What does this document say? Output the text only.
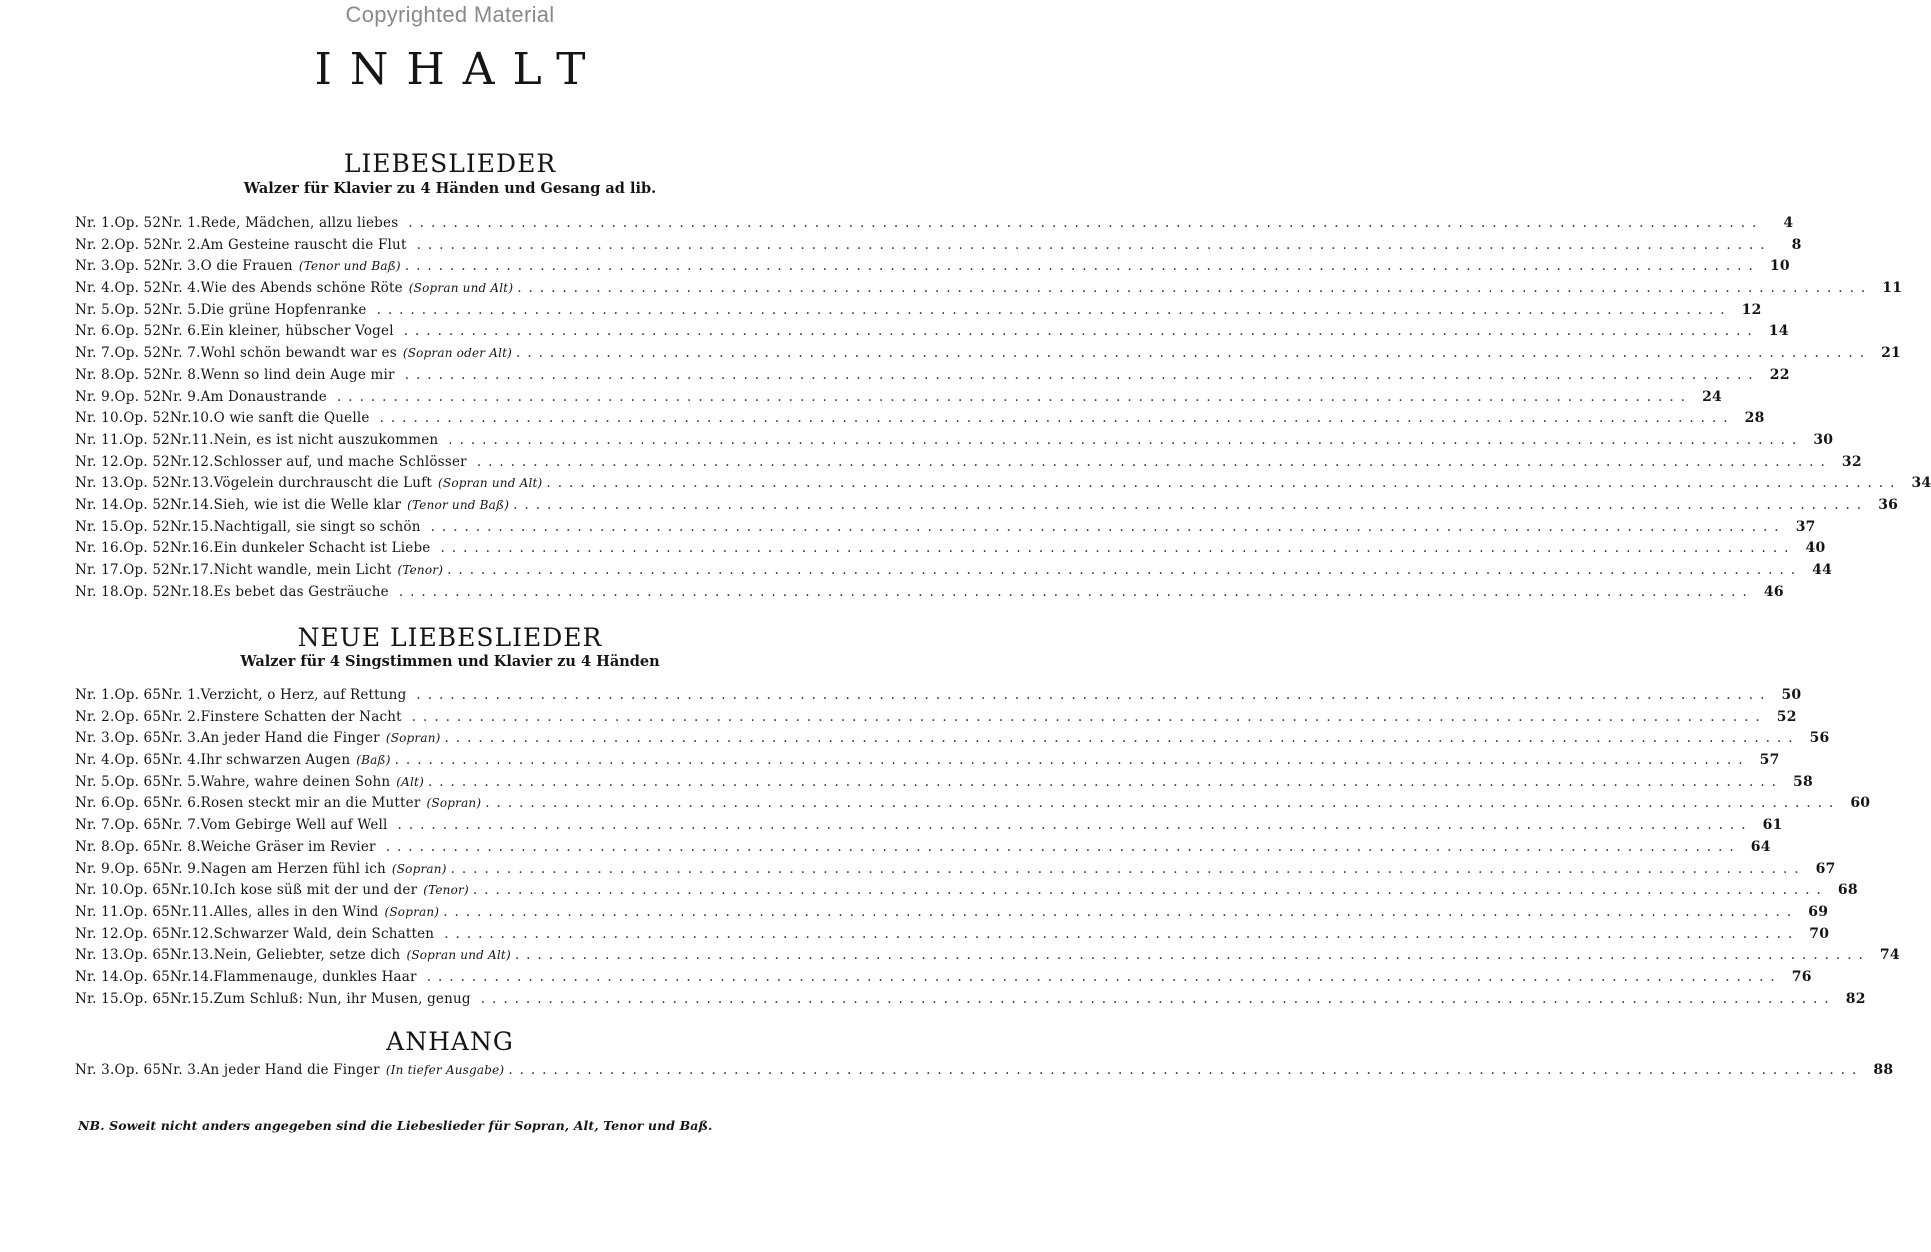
Copyrighted Material
INHALT
LIEBESLIEDER
Walzer für Klavier zu 4 Händen und Gesang ad lib.
Nr. 1. Op. 52 Nr. 1. Rede, Mädchen, allzu liebes ........................................................................................................................	4
Nr. 2. Op. 52 Nr. 2. Am Gesteine rauscht die Flut ........................................................................................................................	8
Nr. 3. Op. 52 Nr. 3. O die Frauen (Tenor und Baß) ........................................................................................................................ 10
Nr. 4. Op. 52 Nr. 4. Wie des Abends schöne Röte (Sopran und Alt) ........................................................................................................................ 11
Nr. 5. Op. 52 Nr. 5. Die grüne Hopfenranke ........................................................................................................................ 12
Nr. 6. Op. 52 Nr. 6. Ein kleiner, hübscher Vogel ........................................................................................................................ 14
Nr. 7. Op. 52 Nr. 7. Wohl schön bewandt war es (Sopran oder Alt) ........................................................................................................................ 21
Nr. 8. Op. 52 Nr. 8. Wenn so lind dein Auge mir ........................................................................................................................ 22
Nr. 9. Op. 52 Nr. 9. Am Donaustrande ........................................................................................................................ 24
Nr. 10. Op. 52 Nr.10. O wie sanft die Quelle ........................................................................................................................ 28
Nr. 11. Op. 52 Nr.11. Nein, es ist nicht auszukommen ........................................................................................................................ 30
Nr. 12. Op. 52 Nr.12. Schlosser auf, und mache Schlösser ........................................................................................................................ 32
Nr. 13. Op. 52 Nr.13. Vögelein durchrauscht die Luft (Sopran und Alt) ........................................................................................................................ 34
Nr. 14. Op. 52 Nr.14. Sieh, wie ist die Welle klar (Tenor und Baß) ........................................................................................................................ 36
Nr. 15. Op. 52 Nr.15. Nachtigall, sie singt so schön ........................................................................................................................ 37
Nr. 16. Op. 52 Nr.16. Ein dunkeler Schacht ist Liebe ........................................................................................................................ 40
Nr. 17. Op. 52 Nr.17. Nicht wandle, mein Licht (Tenor) ........................................................................................................................ 44
Nr. 18. Op. 52 Nr.18. Es bebet das Gesträuche ........................................................................................................................ 46
NEUE LIEBESLIEDER
Walzer für 4 Singstimmen und Klavier zu 4 Händen
Nr. 1. Op. 65 Nr. 1. Verzicht, o Herz, auf Rettung ........................................................................................................................ 50
Nr. 2. Op. 65 Nr. 2. Finstere Schatten der Nacht ........................................................................................................................ 52
Nr. 3. Op. 65 Nr. 3. An jeder Hand die Finger (Sopran) ........................................................................................................................ 56
Nr. 4. Op. 65 Nr. 4. Ihr schwarzen Augen (Baß) ........................................................................................................................ 57
Nr. 5. Op. 65 Nr. 5. Wahre, wahre deinen Sohn (Alt) ........................................................................................................................ 58
Nr. 6. Op. 65 Nr. 6. Rosen steckt mir an die Mutter (Sopran) ........................................................................................................................ 60
Nr. 7. Op. 65 Nr. 7. Vom Gebirge Well auf Well ........................................................................................................................ 61
Nr. 8. Op. 65 Nr. 8. Weiche Gräser im Revier ........................................................................................................................ 64
Nr. 9. Op. 65 Nr. 9. Nagen am Herzen fühl ich (Sopran) ........................................................................................................................ 67
Nr. 10. Op. 65 Nr.10. Ich kose süß mit der und der (Tenor) ........................................................................................................................ 68
Nr. 11. Op. 65 Nr.11. Alles, alles in den Wind (Sopran) ........................................................................................................................ 69
Nr. 12. Op. 65 Nr.12. Schwarzer Wald, dein Schatten ........................................................................................................................ 70
Nr. 13. Op. 65 Nr.13. Nein, Geliebter, setze dich (Sopran und Alt) ........................................................................................................................ 74
Nr. 14. Op. 65 Nr.14. Flammenauge, dunkles Haar ........................................................................................................................ 76
Nr. 15. Op. 65 Nr.15. Zum Schluß: Nun, ihr Musen, genug ........................................................................................................................ 82
ANHANG
Nr. 3. Op. 65 Nr. 3. An jeder Hand die Finger (In tiefer Ausgabe) ........................................................................................................................ 88
NB. Soweit nicht anders angegeben sind die Liebeslieder für Sopran, Alt, Tenor und Baß.
